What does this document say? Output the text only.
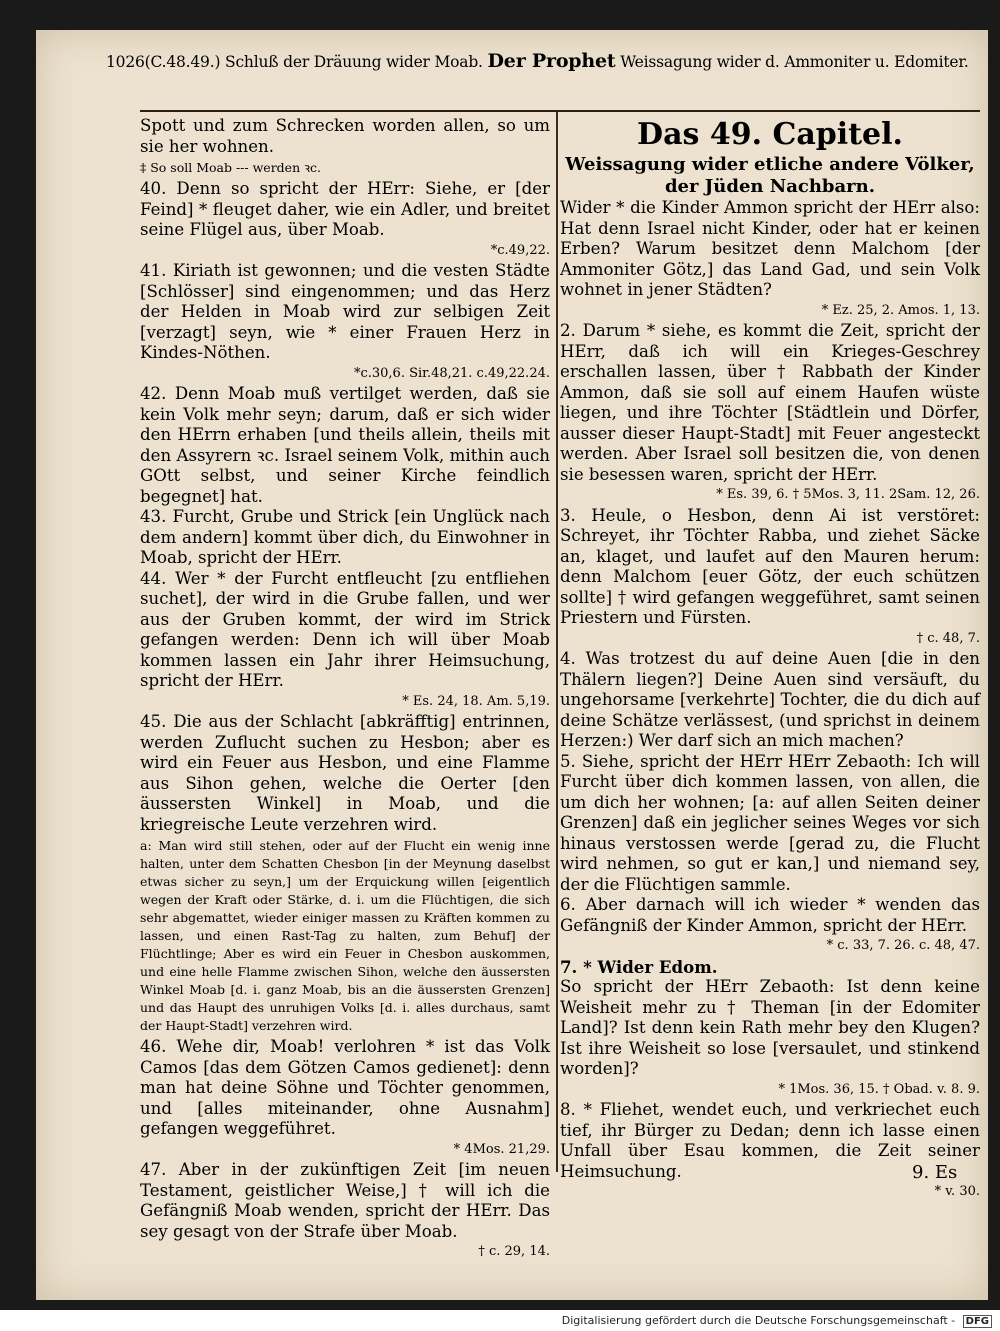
1026(C.48.49.) Schluß der Dräuung wider Moab. Der Prophet Weissagung wider d. Ammoniter u. Edomiter.

Spott und zum Schrecken worden allen, so um sie her wohnen.

‡ So soll Moab --- werden ꝛc.

40. Denn so spricht der HErr: Siehe, er [der Feind] * fleuget daher, wie ein Adler, und breitet seine Flügel aus, über Moab.

*c.49,22.

41. Kiriath ist gewonnen; und die vesten Städte [Schlösser] sind eingenommen; und das Herz der Helden in Moab wird zur selbigen Zeit [verzagt] seyn, wie * einer Frauen Herz in Kindes-Nöthen.

*c.30,6. Sir.48,21. c.49,22.24.

42. Denn Moab muß vertilget werden, daß sie kein Volk mehr seyn; darum, daß er sich wider den HErrn erhaben [und theils allein, theils mit den Assyrern ꝛc. Israel seinem Volk, mithin auch GOtt selbst, und seiner Kirche feindlich begegnet] hat.

43. Furcht, Grube und Strick [ein Unglück nach dem andern] kommt über dich, du Einwohner in Moab, spricht der HErr.

44. Wer * der Furcht entfleucht [zu entfliehen suchet], der wird in die Grube fallen, und wer aus der Gruben kommt, der wird im Strick gefangen werden: Denn ich will über Moab kommen lassen ein Jahr ihrer Heimsuchung, spricht der HErr.

* Es. 24, 18. Am. 5,19.

45. Die aus der Schlacht [abkräfftig] entrinnen, werden Zuflucht suchen zu Hesbon; aber es wird ein Feuer aus Hesbon, und eine Flamme aus Sihon gehen, welche die Oerter [den äussersten Winkel] in Moab, und die kriegreische Leute verzehren wird.

a: Man wird still stehen, oder auf der Flucht ein wenig inne halten, unter dem Schatten Chesbon [in der Meynung daselbst etwas sicher zu seyn,] um der Erquickung willen [eigentlich wegen der Kraft oder Stärke, d. i. um die Flüchtigen, die sich sehr abgemattet, wieder einiger massen zu Kräften kommen zu lassen, und einen Rast-Tag zu halten, zum Behuf] der Flüchtlinge; Aber es wird ein Feuer in Chesbon auskommen, und eine helle Flamme zwischen Sihon, welche den äussersten Winkel Moab [d. i. ganz Moab, bis an die äussersten Grenzen] und das Haupt des unruhigen Volks [d. i. alles durchaus, samt der Haupt-Stadt] verzehren wird.

46. Wehe dir, Moab! verlohren * ist das Volk Camos [das dem Götzen Camos gedienet]: denn man hat deine Söhne und Töchter genommen, und [alles miteinander, ohne Ausnahm] gefangen weggeführet.

* 4Mos. 21,29.

47. Aber in der zukünftigen Zeit [im neuen Testament, geistlicher Weise,] † will ich die Gefängniß Moab wenden, spricht der HErr. Das sey gesagt von der Strafe über Moab.

† c. 29, 14.
Das 49. Capitel.
Weissagung wider etliche andere Völker, der Jüden Nachbarn.

Wider * die Kinder Ammon spricht der HErr also: Hat denn Israel nicht Kinder, oder hat er keinen Erben? Warum besitzet denn Malchom [der Ammoniter Götz,] das Land Gad, und sein Volk wohnet in jener Städten?

* Ez. 25, 2. Amos. 1, 13.

2. Darum * siehe, es kommt die Zeit, spricht der HErr, daß ich will ein Krieges-Geschrey erschallen lassen, über † Rabbath der Kinder Ammon, daß sie soll auf einem Haufen wüste liegen, und ihre Töchter [Städtlein und Dörfer, ausser dieser Haupt-Stadt] mit Feuer angesteckt werden. Aber Israel soll besitzen die, von denen sie besessen waren, spricht der HErr.

* Es. 39, 6. † 5Mos. 3, 11. 2Sam. 12, 26.

3. Heule, o Hesbon, denn Ai ist verstöret: Schreyet, ihr Töchter Rabba, und ziehet Säcke an, klaget, und laufet auf den Mauren herum: denn Malchom [euer Götz, der euch schützen sollte] † wird gefangen weggeführet, samt seinen Priestern und Fürsten.

† c. 48, 7.

4. Was trotzest du auf deine Auen [die in den Thälern liegen?] Deine Auen sind versäuft, du ungehorsame [verkehrte] Tochter, die du dich auf deine Schätze verlässest, (und sprichst in deinem Herzen:) Wer darf sich an mich machen?

5. Siehe, spricht der HErr HErr Zebaoth: Ich will Furcht über dich kommen lassen, von allen, die um dich her wohnen; [a: auf allen Seiten deiner Grenzen] daß ein jeglicher seines Weges vor sich hinaus verstossen werde [gerad zu, die Flucht wird nehmen, so gut er kan,] und niemand sey, der die Flüchtigen sammle.

6. Aber darnach will ich wieder * wenden das Gefängniß der Kinder Ammon, spricht der HErr.

* c. 33, 7. 26. c. 48, 47.

7. * Wider Edom.

So spricht der HErr Zebaoth: Ist denn keine Weisheit mehr zu † Theman [in der Edomiter Land]? Ist denn kein Rath mehr bey den Klugen? Ist ihre Weisheit so lose [versaulet, und stinkend worden]?

* 1Mos. 36, 15. † Obad. v. 8. 9.

8. * Fliehet, wendet euch, und verkriechet euch tief, ihr Bürger zu Dedan; denn ich lasse einen Unfall über Esau kommen, die Zeit seiner Heimsuchung.

* v. 30.
9. Es
Digitalisierung gefördert durch die Deutsche Forschungsgemeinschaft - DFG
